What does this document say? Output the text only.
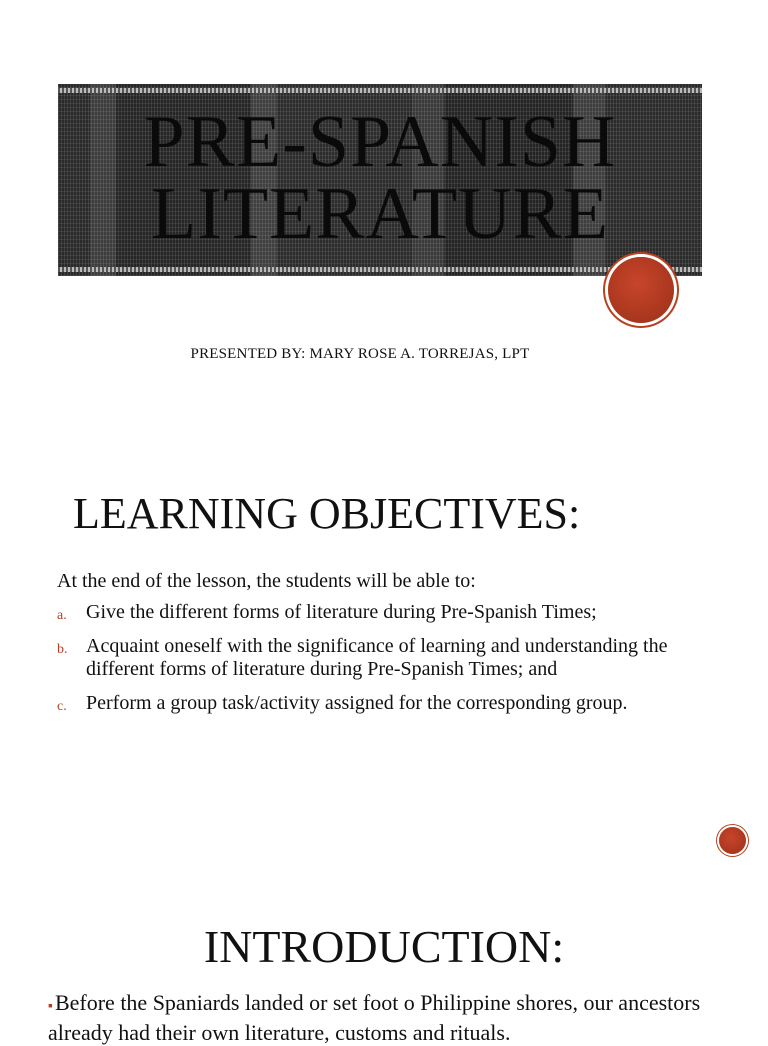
PRE-SPANISH
LITERATURE
PRESENTED BY: MARY ROSE A. TORREJAS, LPT
LEARNING OBJECTIVES:
At the end of the lesson, the students will be able to:
a. Give the different forms of literature during Pre-Spanish Times;
b. Acquaint oneself with the significance of learning and understanding the different forms of literature during Pre-Spanish Times; and
c. Perform a group task/activity assigned for the corresponding group.
INTRODUCTION:
▪Before the Spaniards landed or set foot o Philippine shores, our ancestors already had their own literature, customs and rituals.
